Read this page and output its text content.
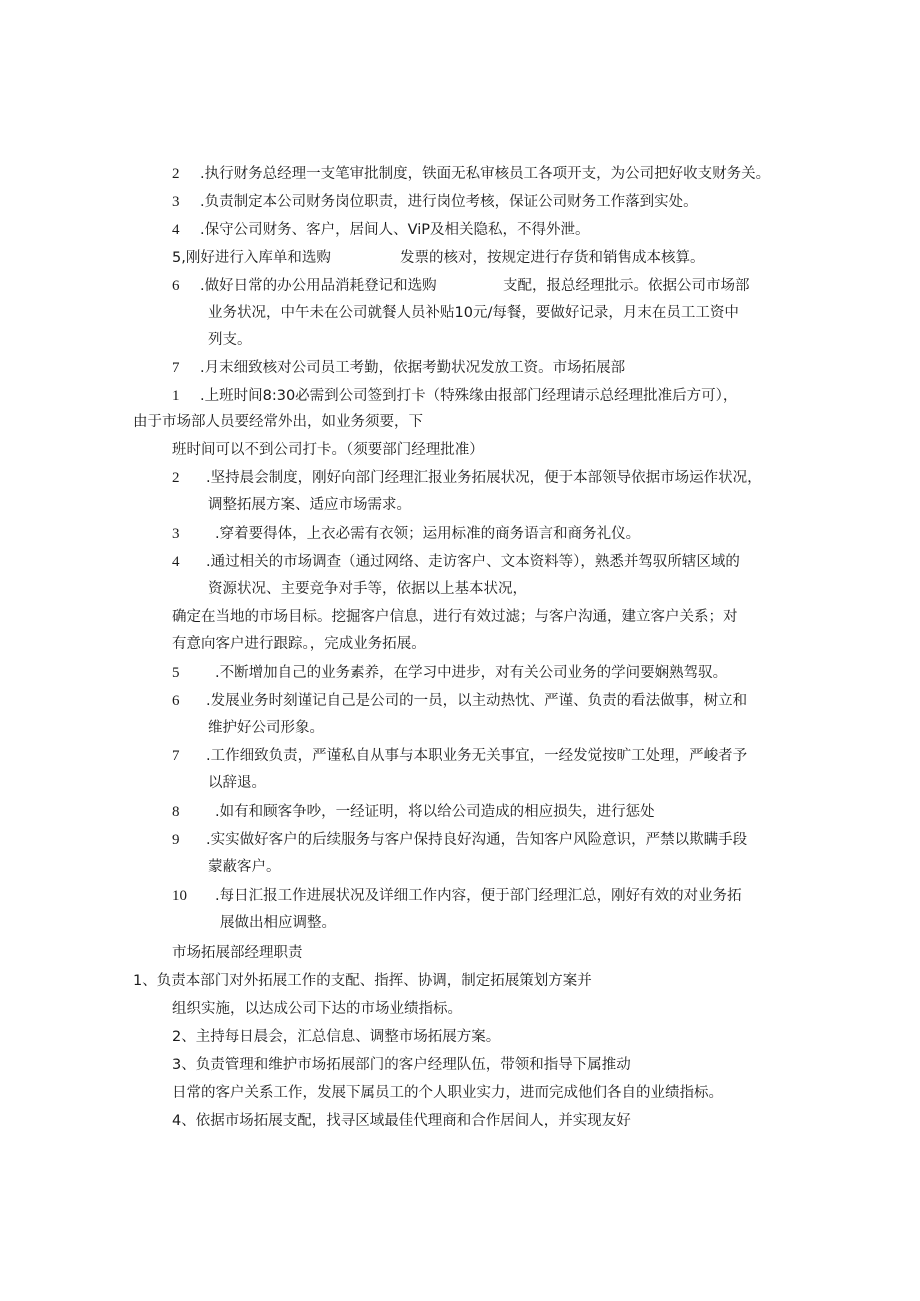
2 .执行财务总经理一支笔审批制度，铁面无私审核员工各项开支，为公司把好收支财务关。
3 .负责制定本公司财务岗位职责，进行岗位考核，保证公司财务工作落到实处。
4 .保守公司财务、客户，居间人、ViP及相关隐私，不得外泄。
5,刚好进行入库单和选购	发票的核对，按规定进行存货和销售成本核算。
6 .做好日常的办公用品消耗登记和选购	支配，报总经理批示。依据公司市场部
业务状况，中午未在公司就餐人员补贴10元/每餐，要做好记录，月末在员工工资中
列支。
7 .月末细致核对公司员工考勤，依据考勤状况发放工资。市场拓展部
1 .上班时间8:30必需到公司签到打卡（特殊缘由报部门经理请示总经理批准后方可），
由于市场部人员要经常外出，如业务须要，下
班时间可以不到公司打卡。（须要部门经理批准）
2 .坚持晨会制度，刚好向部门经理汇报业务拓展状况，便于本部领导依据市场运作状况，
调整拓展方案、适应市场需求。
3 .穿着要得体，上衣必需有衣领；运用标准的商务语言和商务礼仪。
4 .通过相关的市场调查（通过网络、走访客户、文本资料等），熟悉并驾驭所辖区域的
资源状况、主要竞争对手等，依据以上基本状况，
确定在当地的市场目标。挖掘客户信息，进行有效过滤；与客户沟通，建立客户关系；对
有意向客户进行跟踪。，完成业务拓展。
5 .不断增加自己的业务素养，在学习中进步，对有关公司业务的学问要娴熟驾驭。
6 .发展业务时刻谨记自己是公司的一员，以主动热忱、严谨、负责的看法做事，树立和
维护好公司形象。
7 .工作细致负责，严谨私自从事与本职业务无关事宜，一经发觉按旷工处理，严峻者予
以辞退。
8 .如有和顾客争吵，一经证明，将以给公司造成的相应损失，进行惩处
9 .实实做好客户的后续服务与客户保持良好沟通，告知客户风险意识，严禁以欺瞒手段
蒙蔽客户。
10 .每日汇报工作进展状况及详细工作内容，便于部门经理汇总，刚好有效的对业务拓
展做出相应调整。
市场拓展部经理职责
1、负责本部门对外拓展工作的支配、指挥、协调，制定拓展策划方案并
组织实施，以达成公司下达的市场业绩指标。
2、主持每日晨会，汇总信息、调整市场拓展方案。
3、负责管理和维护市场拓展部门的客户经理队伍，带领和指导下属推动
日常的客户关系工作，发展下属员工的个人职业实力，进而完成他们各自的业绩指标。
4、依据市场拓展支配，找寻区域最佳代理商和合作居间人，并实现友好
